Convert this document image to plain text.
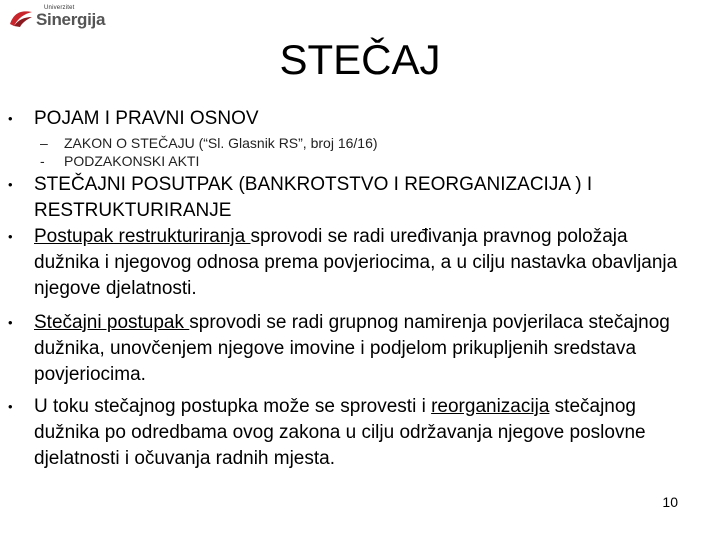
Univerzitet
Sinergija
STEČAJ
• POJAM I PRAVNI OSNOV
– ZAKON O STEČAJU (“Sl. Glasnik RS”, broj 16/16)
- PODZAKONSKI AKTI
• STEČAJNI POSUTPAK (BANKROTSTVO I REORGANIZACIJA ) I RESTRUKTURIRANJE
• Postupak restrukturiranja sprovodi se radi uređivanja pravnog položaja dužnika i njegovog odnosa prema povjeriocima, a u cilju nastavka obavljanja njegove djelatnosti.
• Stečajni postupak sprovodi se radi grupnog namirenja povjerilaca stečajnog dužnika, unovčenjem njegove imovine i podjelom prikupljenih sredstava povjeriocima.
• U toku stečajnog postupka može se sprovesti i reorganizacija stečajnog dužnika po odredbama ovog zakona u cilju održavanja njegove poslovne djelatnosti i očuvanja radnih mjesta.
10
